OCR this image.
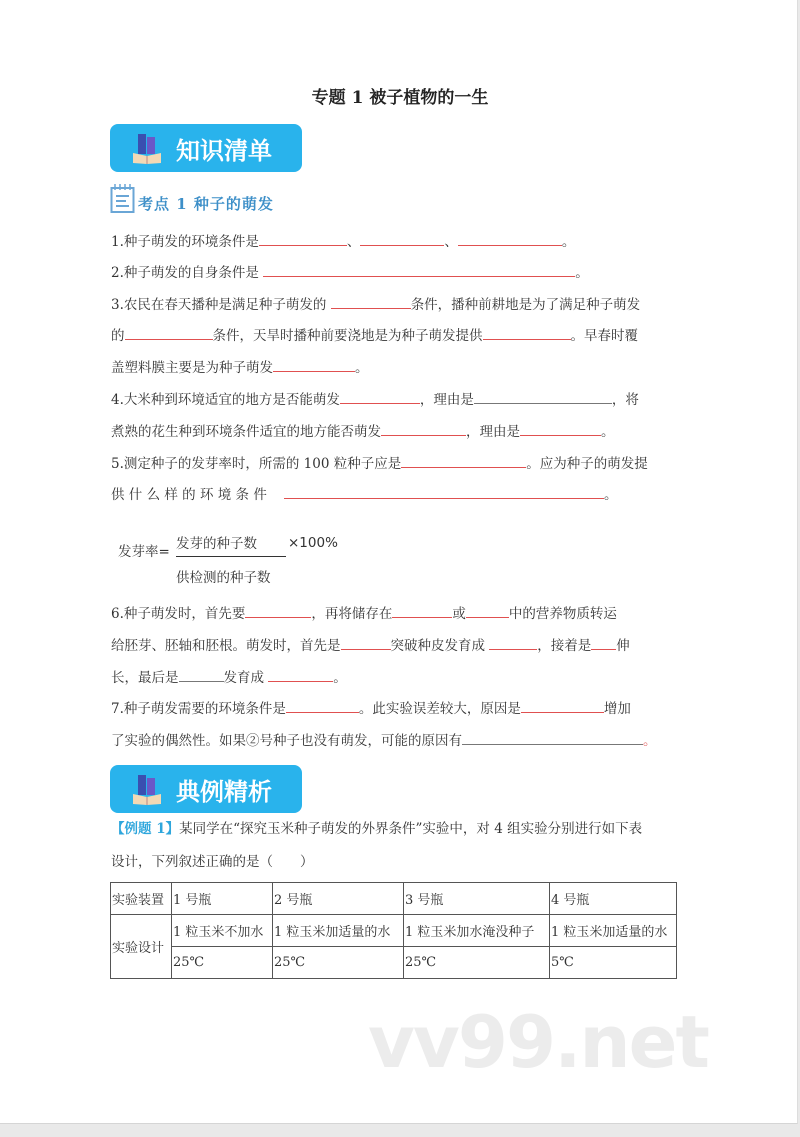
专题 1 被子植物的一生
知识清单
考点 1 种子的萌发
1.种子萌发的环境条件是	、	、	。
2.种子萌发的自身条件是	。
3.农民在春天播种是满足种子萌发的	条件，播种前耕地是为了满足种子萌发
的	条件，天旱时播种前要浇地是为种子萌发提供	。早春时覆
盖塑料膜主要是为种子萌发	。
4.大米种到环境适宜的地方是否能萌发	，理由是	，将
煮熟的花生种到环境条件适宜的地方能否萌发	，理由是	。
5.测定种子的发芽率时，所需的 100 粒种子应是	。应为种子的萌发提
供 什 么 样 的 环 境 条 件	。
发芽率= 发芽的种子数
供检测的种子数
×100%
6.种子萌发时，首先要	，再将储存在	或	中的营养物质转运
给胚芽、胚轴和胚根。萌发时，首先是	突破种皮发育成	，接着是 伸
长，最后是	发育成	。
7.种子萌发需要的环境条件是	。此实验误差较大，原因是	增加
了实验的偶然性。如果②号种子也没有萌发，可能的原因有	。
典例精析
【例题 1】某同学在“探究玉米种子萌发的外界条件”实验中，对 4 组实验分别进行如下表
设计，下列叙述正确的是（　　）
实验装置	1 号瓶	2 号瓶	3 号瓶	4 号瓶
实验设计	1 粒玉米不加水	1 粒玉米加适量的水	1 粒玉米加水淹没种子	1 粒玉米加适量的水
	25℃	25℃	25℃	5℃
vv99.net
